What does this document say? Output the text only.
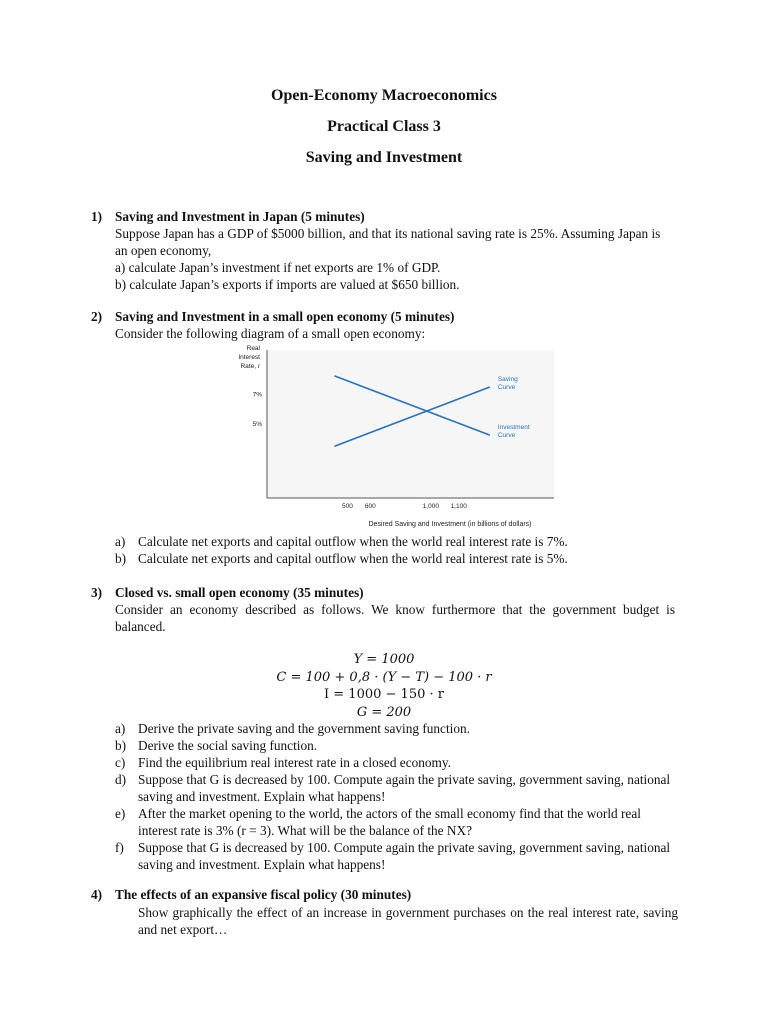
Open-Economy Macroeconomics
Practical Class 3
Saving and Investment
1) Saving and Investment in Japan (5 minutes)
Suppose Japan has a GDP of $5000 billion, and that its national saving rate is 25%. Assuming Japan is an open economy,
a) calculate Japan’s investment if net exports are 1% of GDP.
b) calculate Japan’s exports if imports are valued at $650 billion.
2) Saving and Investment in a small open economy (5 minutes)
Consider the following diagram of a small open economy:
Real
Interest
Rate, r
Saving
Curve
Investment
Curve
7%
5%
500 600	1,000 1,100
Desired Saving and Investment (in billions of dollars)
a) Calculate net exports and capital outflow when the world real interest rate is 7%.
b) Calculate net exports and capital outflow when the world real interest rate is 5%.
3) Closed vs. small open economy (35 minutes)
Consider an economy described as follows. We know furthermore that the government budget is balanced.
Y = 1000
C = 100 + 0,8 · (Y − T) − 100 · r
I = 1000 − 150 · r
G = 200
a) Derive the private saving and the government saving function.
b) Derive the social saving function.
c) Find the equilibrium real interest rate in a closed economy.
d) Suppose that G is decreased by 100. Compute again the private saving, government saving, national saving and investment. Explain what happens!
e) After the market opening to the world, the actors of the small economy find that the world real interest rate is 3% (r = 3). What will be the balance of the NX?
f) Suppose that G is decreased by 100. Compute again the private saving, government saving, national saving and investment. Explain what happens!
4) The effects of an expansive fiscal policy (30 minutes)
Show graphically the effect of an increase in government purchases on the real interest rate, saving and net export…
